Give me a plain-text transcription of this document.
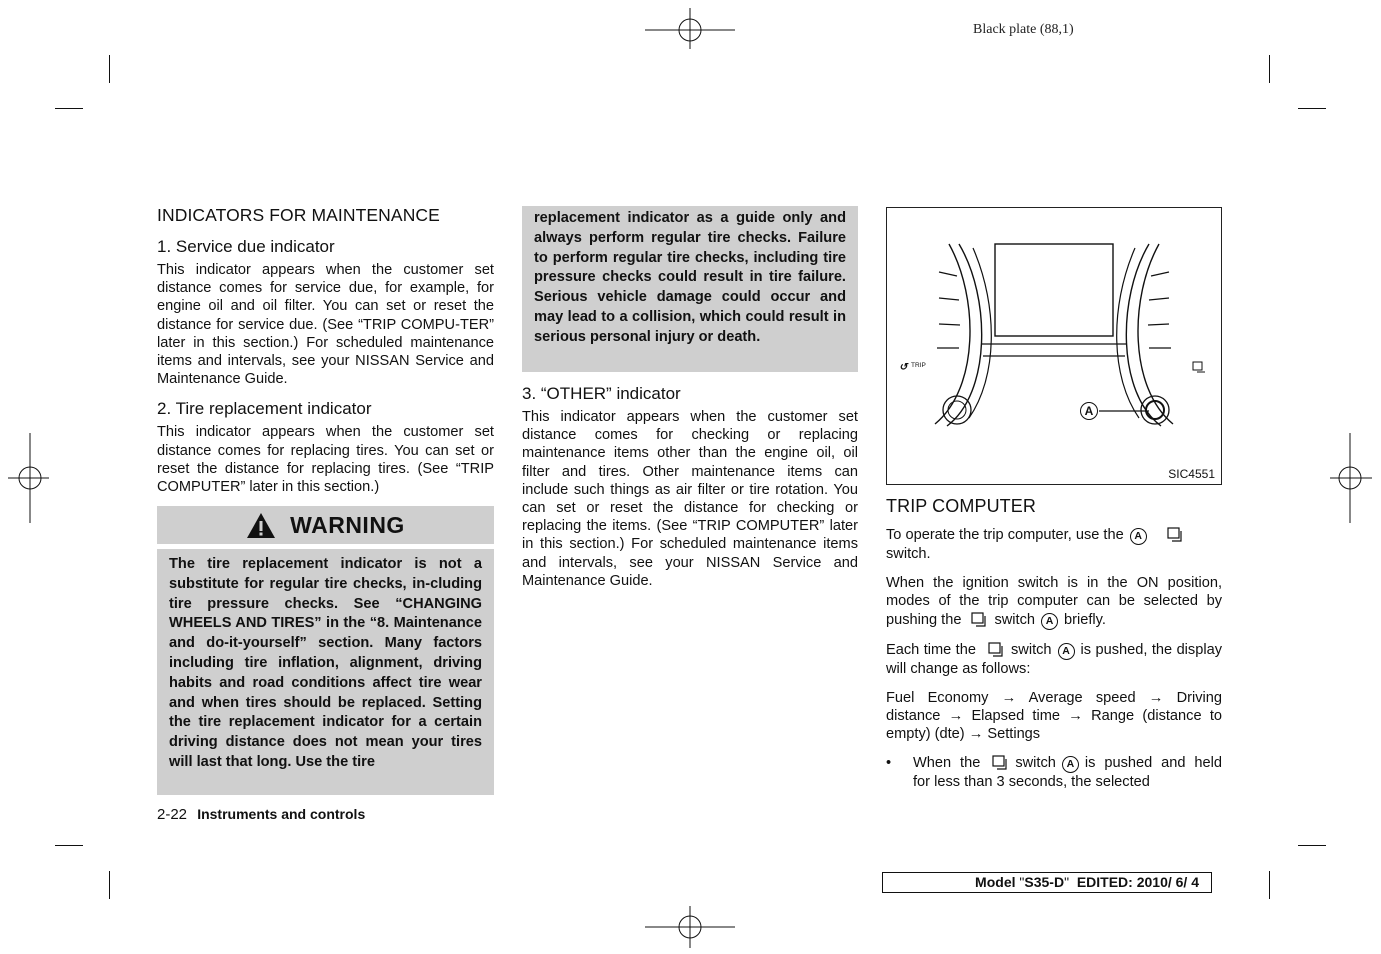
Black plate (88,1)
INDICATORS FOR MAINTENANCE
1. Service due indicator

This indicator appears when the customer set distance comes for service due, for example, for engine oil and oil filter. You can set or reset the distance for service due. (See “TRIP COMPU-TER” later in this section.) For scheduled maintenance items and intervals, see your NISSAN Service and Maintenance Guide.

2. Tire replacement indicator

This indicator appears when the customer set distance comes for replacing tires. You can set or reset the distance for replacing tires. (See “TRIP COMPUTER” later in this section.)

WARNING

The tire replacement indicator is not a substitute for regular tire checks, in-cluding tire pressure checks. See “CHANGING WHEELS AND TIRES” in the “8. Maintenance and do-it-yourself” section. Many factors including tire inflation, alignment, driving habits and road conditions affect tire wear and when tires should be replaced. Setting the tire replacement indicator for a certain driving distance does not mean your tires will last that long. Use the tire

2-22 Instruments and controls

replacement indicator as a guide only and always perform regular tire checks. Failure to perform regular tire checks, including tire pressure checks could result in tire failure. Serious vehicle damage could occur and may lead to a collision, which could result in serious personal injury or death.

3. “OTHER” indicator

This indicator appears when the customer set distance comes for checking or replacing maintenance items other than the engine oil, oil filter and tires. Other maintenance items can include such things as air filter or tire rotation. You can set or reset the distance for checking or replacing the items. (See “TRIP COMPUTER” later in this section.) For scheduled maintenance items and intervals, see your NISSAN Service and Maintenance Guide.

↺ TRIP
A
SIC4551
TRIP COMPUTER

To operate the trip computer, use the A
switch.

When the ignition switch is in the ON position, modes of the trip computer can be selected by pushing the switch A briefly.

Each time the switch A is pushed, the display will change as follows:

Fuel Economy → Average speed → Driving distance → Elapsed time → Range (distance to empty) (dte) → Settings

• When the switch A is pushed and held for less than 3 seconds, the selected

Model "S35-D" EDITED: 2010/ 6/ 4
